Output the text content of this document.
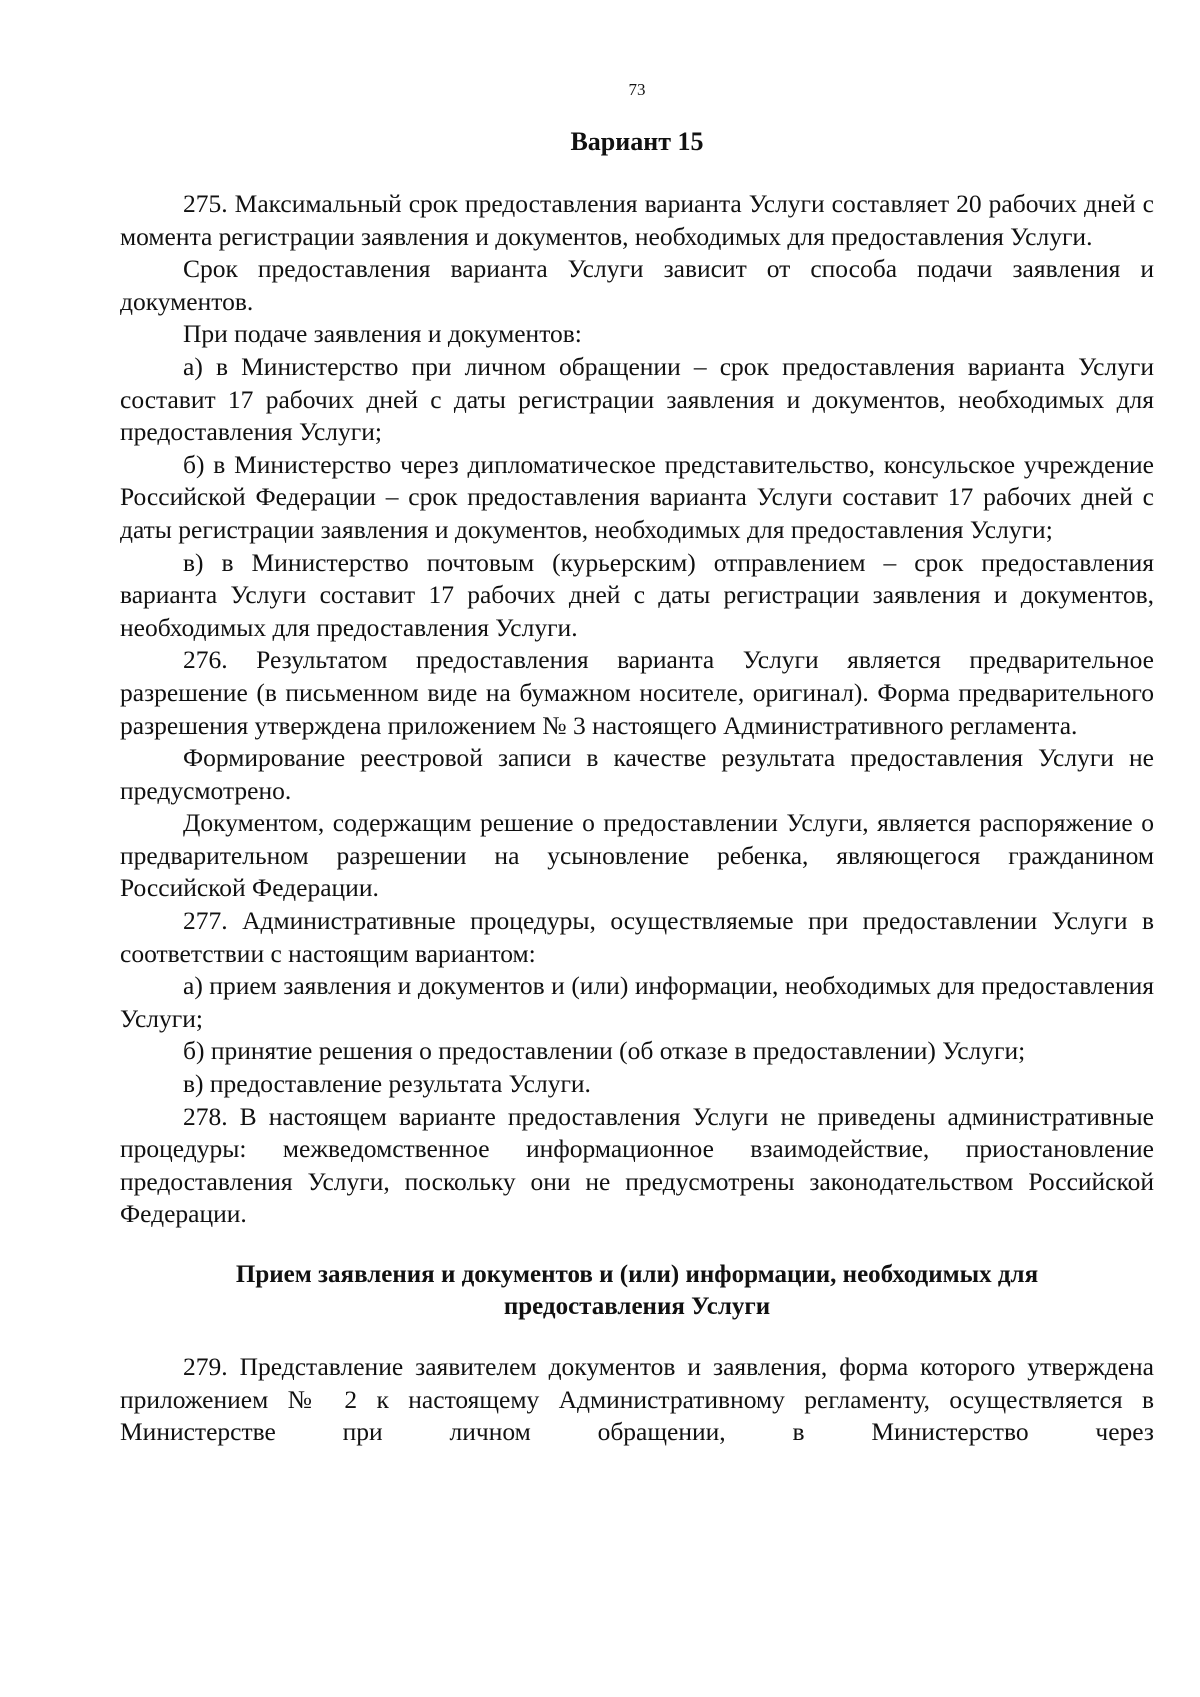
73
Вариант 15

275. Максимальный срок предоставления варианта Услуги составляет 20 рабочих дней с момента регистрации заявления и документов, необходимых для предоставления Услуги.

Срок предоставления варианта Услуги зависит от способа подачи заявления и документов.

При подаче заявления и документов:

а) в Министерство при личном обращении – срок предоставления варианта Услуги составит 17 рабочих дней с даты регистрации заявления и документов, необходимых для предоставления Услуги;

б) в Министерство через дипломатическое представительство, консульское учреждение Российской Федерации – срок предоставления варианта Услуги составит 17 рабочих дней с даты регистрации заявления и документов, необходимых для предоставления Услуги;

в) в Министерство почтовым (курьерским) отправлением – срок предоставления варианта Услуги составит 17 рабочих дней с даты регистрации заявления и документов, необходимых для предоставления Услуги.

276. Результатом предоставления варианта Услуги является предварительное разрешение (в письменном виде на бумажном носителе, оригинал). Форма предварительного разрешения утверждена приложением № 3 настоящего Административного регламента.

Формирование реестровой записи в качестве результата предоставления Услуги не предусмотрено.

Документом, содержащим решение о предоставлении Услуги, является распоряжение о предварительном разрешении на усыновление ребенка, являющегося гражданином Российской Федерации.

277. Административные процедуры, осуществляемые при предоставлении Услуги в соответствии с настоящим вариантом:

а) прием заявления и документов и (или) информации, необходимых для предоставления Услуги;

б) принятие решения о предоставлении (об отказе в предоставлении) Услуги;

в) предоставление результата Услуги.

278. В настоящем варианте предоставления Услуги не приведены административные процедуры: межведомственное информационное взаимодействие, приостановление предоставления Услуги, поскольку они не предусмотрены законодательством Российской Федерации.

Прием заявления и документов и (или) информации, необходимых для
предоставления Услуги

279. Представление заявителем документов и заявления, форма которого утверждена приложением № 2 к настоящему Административному регламенту, осуществляется в Министерстве при личном обращении, в Министерство через
